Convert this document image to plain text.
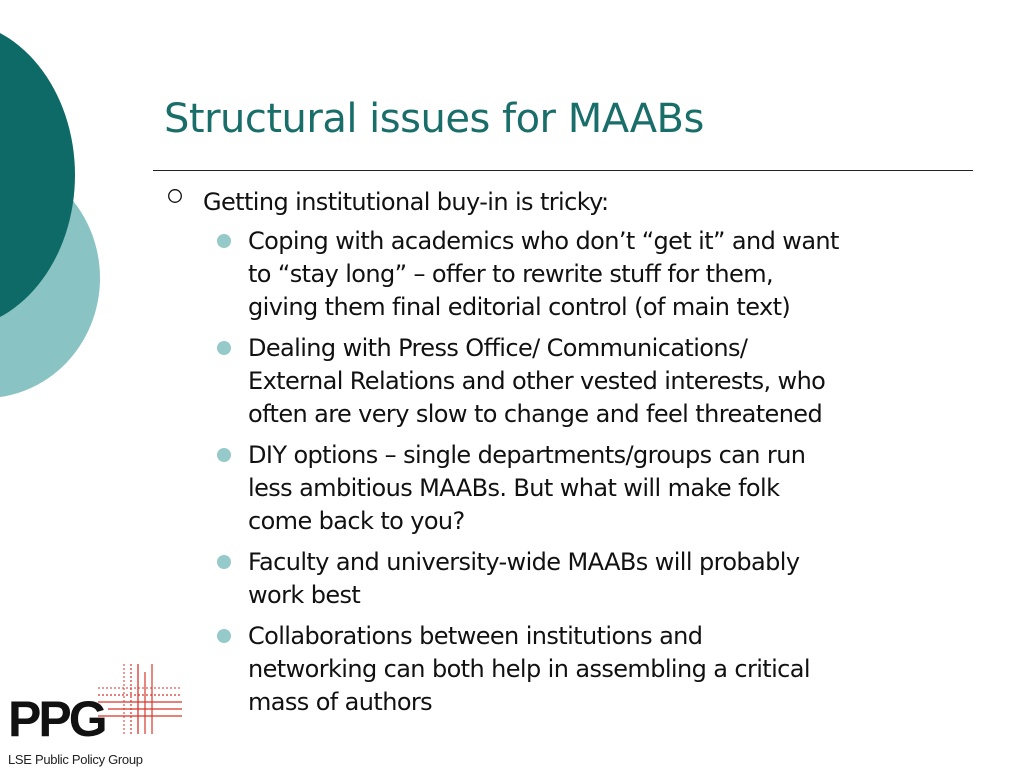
Structural issues for MAABs
Getting institutional buy-in is tricky:
Coping with academics who don’t “get it” and want
to “stay long” – offer to rewrite stuff for them,
giving them final editorial control (of main text)
Dealing with Press Office/ Communications/
External Relations and other vested interests, who
often are very slow to change and feel threatened
DIY options – single departments/groups can run
less ambitious MAABs. But what will make folk
come back to you?
Faculty and university-wide MAABs will probably
work best
Collaborations between institutions and
networking can both help in assembling a critical
mass of authors
PPG
LSE Public Policy Group
